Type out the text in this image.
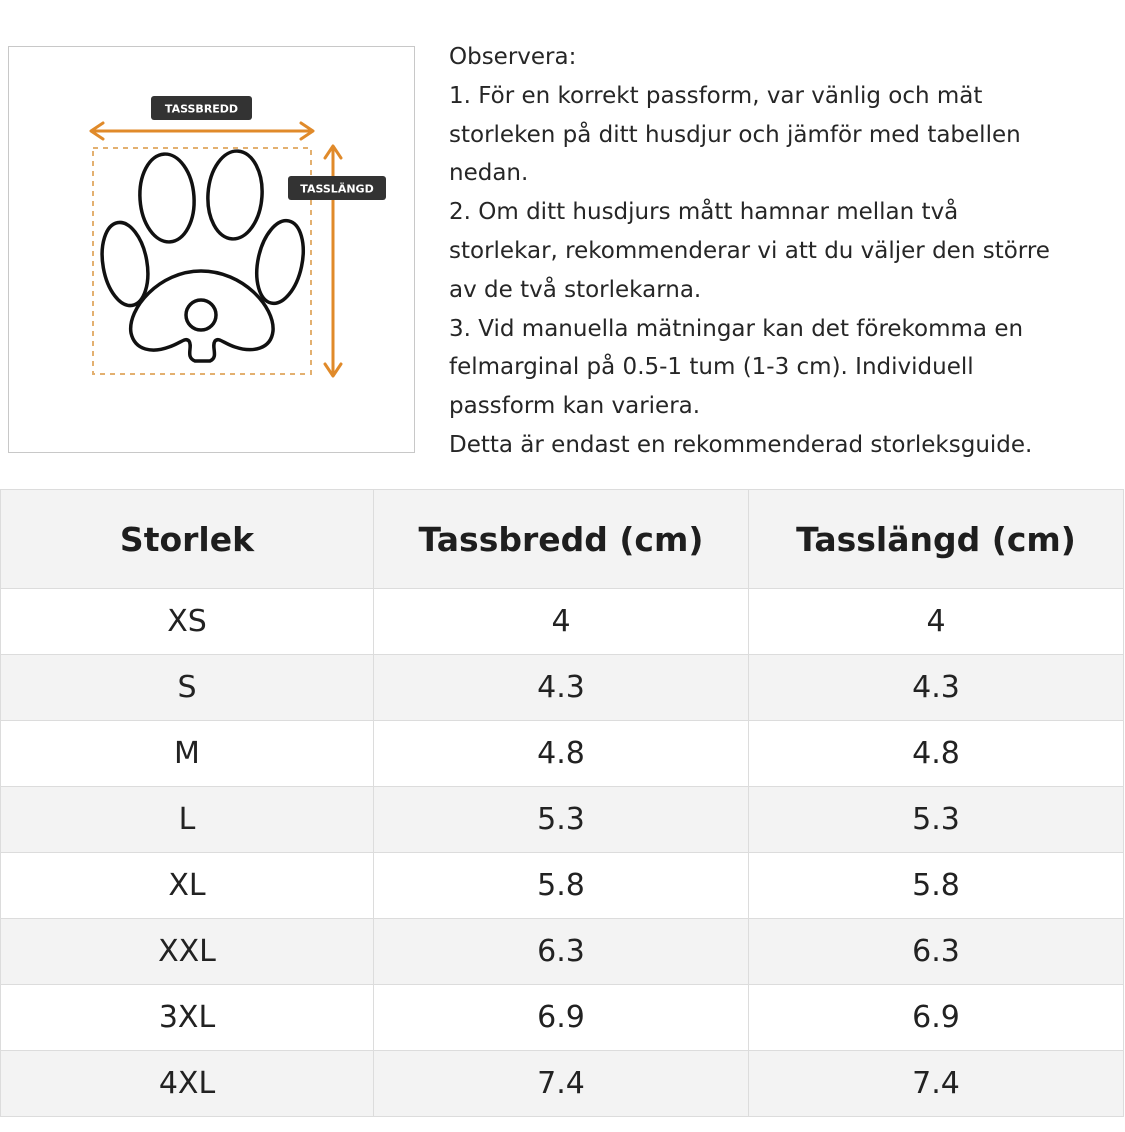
TASSBREDD
TASSLÄNGD
Observera:
1. För en korrekt passform, var vänlig och mät
storleken på ditt husdjur och jämför med tabellen
nedan.
2. Om ditt husdjurs mått hamnar mellan två
storlekar, rekommenderar vi att du väljer den större
av de två storlekarna.
3. Vid manuella mätningar kan det förekomma en
felmarginal på 0.5-1 tum (1-3 cm). Individuell
passform kan variera.
Detta är endast en rekommenderad storleksguide.
Storlek	Tassbredd (cm)	Tasslängd (cm)
XS	4	4
S	4.3	4.3
M	4.8	4.8
L	5.3	5.3
XL	5.8	5.8
XXL	6.3	6.3
3XL	6.9	6.9
4XL	7.4	7.4
